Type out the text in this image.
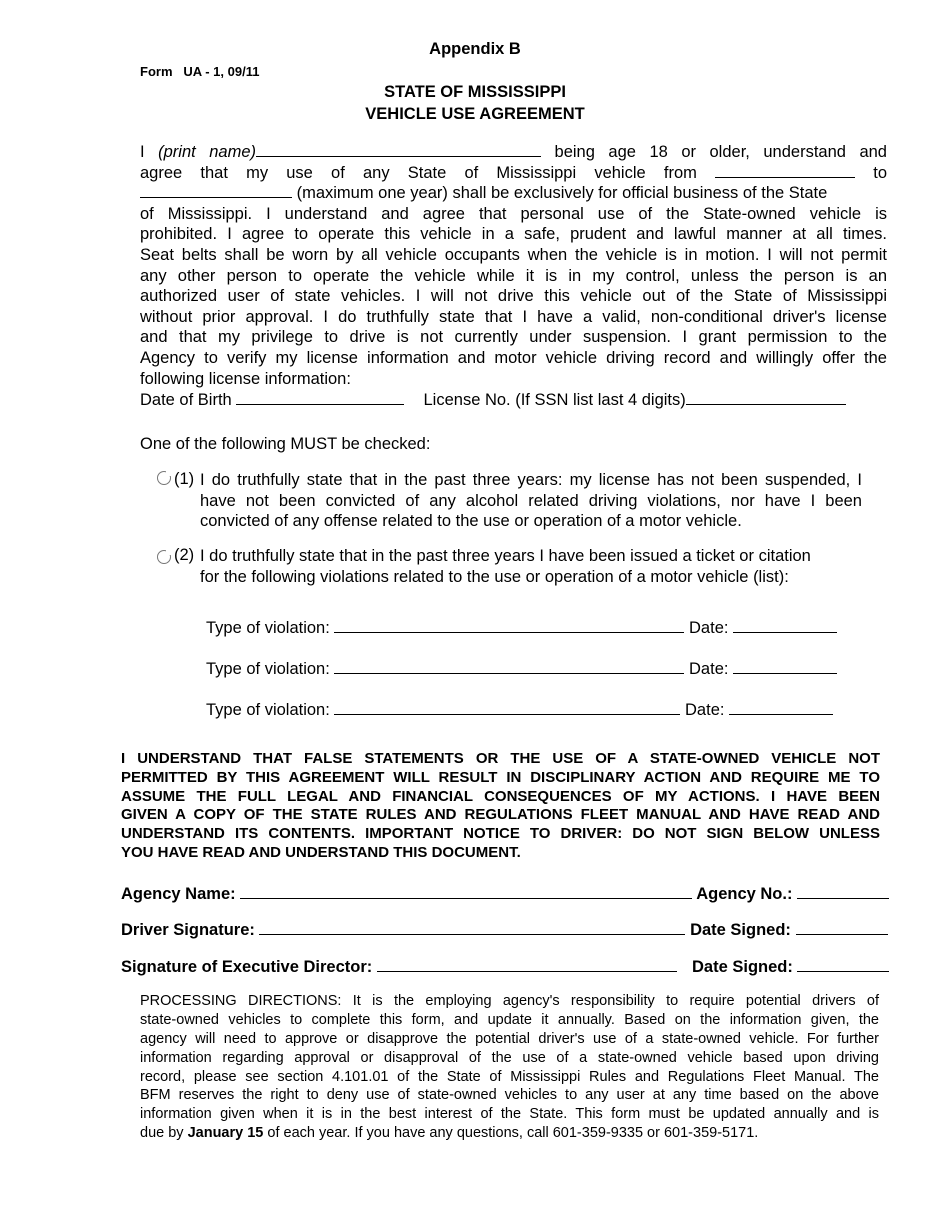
Appendix B
Form   UA - 1, 09/11
STATE OF MISSISSIPPI
VEHICLE USE AGREEMENT
I (print name)	being age 18 or older, understand and
agree that my use of any State of Mississippi vehicle from	to
(maximum one year) shall be exclusively for official business of the State
of Mississippi. I understand and agree that personal use of the State-owned vehicle is
prohibited. I agree to operate this vehicle in a safe, prudent and lawful manner at all times.
Seat belts shall be worn by all vehicle occupants when the vehicle is in motion. I will not permit
any other person to operate the vehicle while it is in my control, unless the person is an
authorized user of state vehicles. I will not drive this vehicle out of the State of Mississippi
without prior approval. I do truthfully state that I have a valid, non-conditional driver's license
and that my privilege to drive is not currently under suspension. I grant permission to the
Agency to verify my license information and motor vehicle driving record and willingly offer the
following license information:
Date of Birth	License No. (If SSN list last 4 digits)
One of the following MUST be checked:
(1) I do truthfully state that in the past three years: my license has not been suspended, I
have not been convicted of any alcohol related driving violations, nor have I been
convicted of any offense related to the use or operation of a motor vehicle.
(2) I do truthfully state that in the past three years I have been issued a ticket or citation
for the following violations related to the use or operation of a motor vehicle (list):
Type of violation:	Date:
Type of violation:	Date:
Type of violation:	Date:
I UNDERSTAND THAT FALSE STATEMENTS OR THE USE OF A STATE-OWNED VEHICLE NOT
PERMITTED BY THIS AGREEMENT WILL RESULT IN DISCIPLINARY ACTION AND REQUIRE ME TO
ASSUME THE FULL LEGAL AND FINANCIAL CONSEQUENCES OF MY ACTIONS. I HAVE BEEN
GIVEN A COPY OF THE STATE RULES AND REGULATIONS FLEET MANUAL AND HAVE READ AND
UNDERSTAND ITS CONTENTS. IMPORTANT NOTICE TO DRIVER: DO NOT SIGN BELOW UNLESS
YOU HAVE READ AND UNDERSTAND THIS DOCUMENT.
Agency Name:	Agency No.:
Driver Signature:	Date Signed:
Signature of Executive Director:	Date Signed:
PROCESSING DIRECTIONS: It is the employing agency's responsibility to require potential drivers of
state-owned vehicles to complete this form, and update it annually. Based on the information given, the
agency will need to approve or disapprove the potential driver's use of a state-owned vehicle. For further
information regarding approval or disapproval of the use of a state-owned vehicle based upon driving
record, please see section 4.101.01 of the State of Mississippi Rules and Regulations Fleet Manual. The
BFM reserves the right to deny use of state-owned vehicles to any user at any time based on the above
information given when it is in the best interest of the State. This form must be updated annually and is
due by January 15 of each year. If you have any questions, call 601-359-9335 or 601-359-5171.
